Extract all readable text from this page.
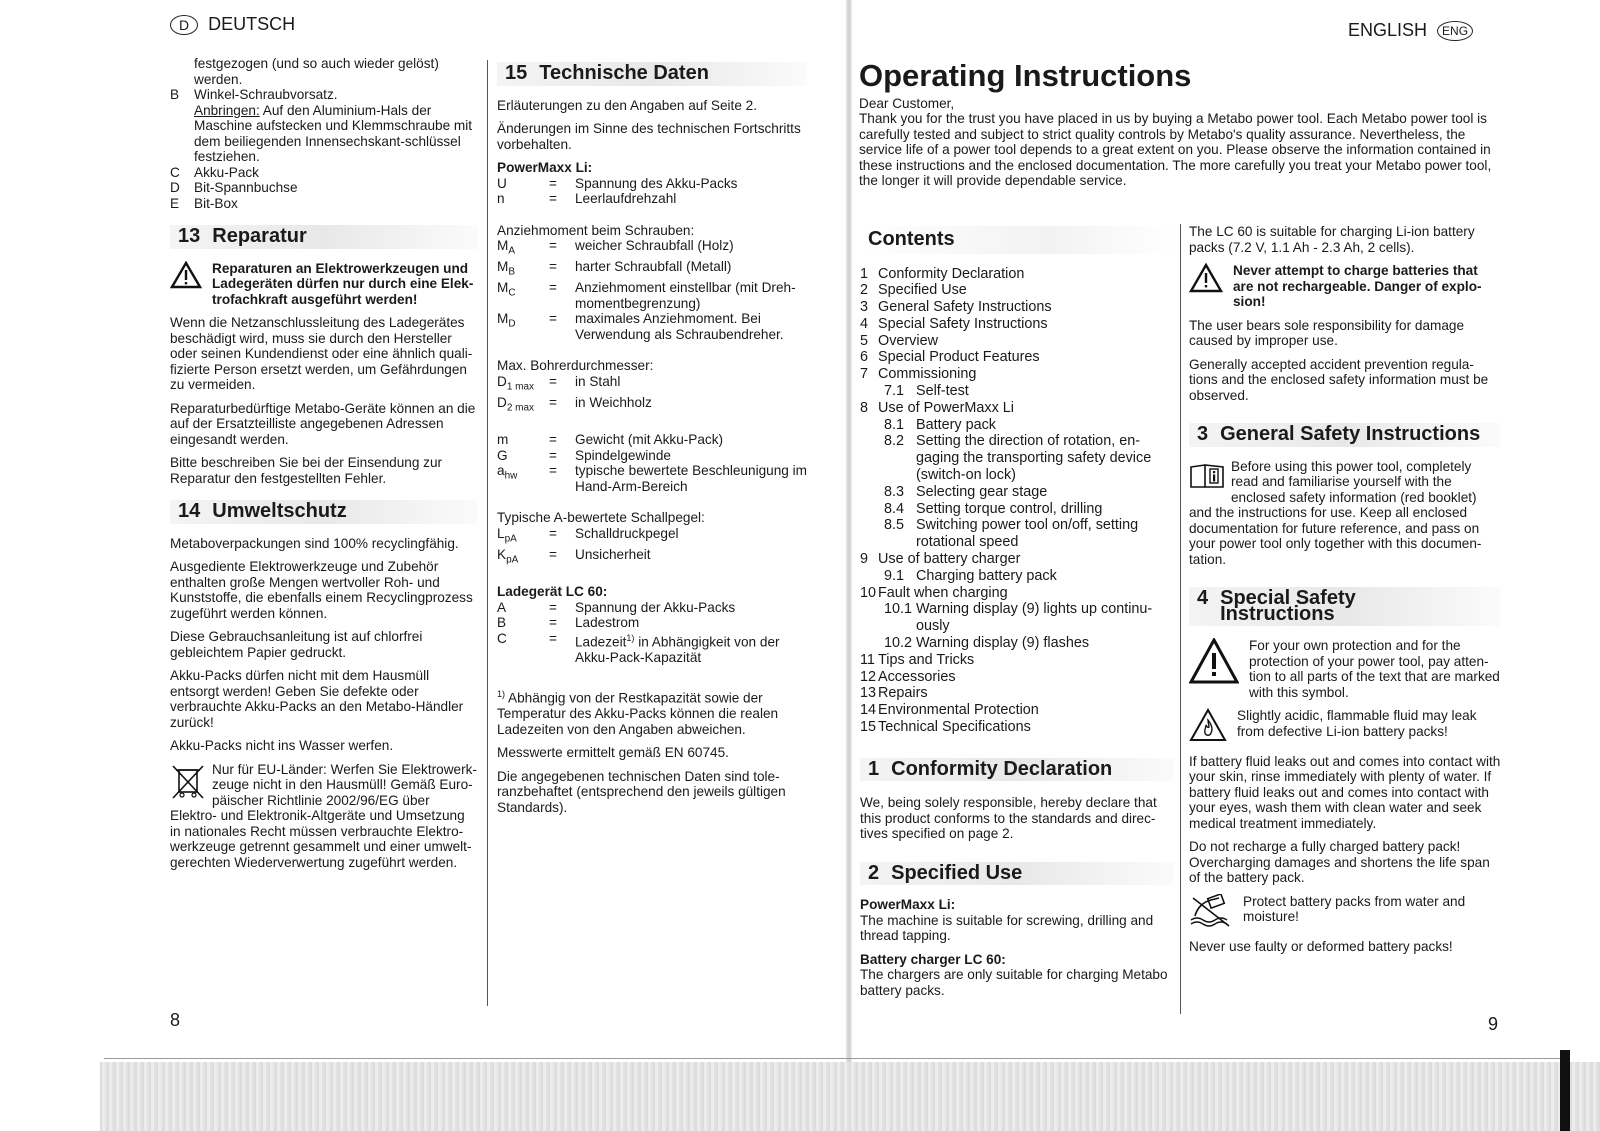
D	DEUTSCH
festgezogen (und so auch wieder gelöst) werden.
B	Winkel-Schraubvorsatz.
Anbringen: Auf den Aluminium-Hals der Maschine aufstecken und Klemmschraube mit dem beiliegenden Innensechskant-schlüssel festziehen.
C	Akku-Pack
D	Bit-Spannbuchse
E	Bit-Box
13 Reparatur
Reparaturen an Elektrowerkzeugen und Ladegeräten dürfen nur durch eine Elek-trofachkraft ausgeführt werden!

Wenn die Netzanschlussleitung des Ladegerätes beschädigt wird, muss sie durch den Hersteller oder seinen Kundendienst oder eine ähnlich quali-fizierte Person ersetzt werden, um Gefährdungen zu vermeiden.

Reparaturbedürftige Metabo-Geräte können an die auf der Ersatzteilliste angegebenen Adressen eingesandt werden.

Bitte beschreiben Sie bei der Einsendung zur Reparatur den festgestellten Fehler.

14 Umweltschutz

Metaboverpackungen sind 100% recyclingfähig.

Ausgediente Elektrowerkzeuge und Zubehör enthalten große Mengen wertvoller Roh- und Kunststoffe, die ebenfalls einem Recyclingprozess zugeführt werden können.

Diese Gebrauchsanleitung ist auf chlorfrei gebleichtem Papier gedruckt.

Akku-Packs dürfen nicht mit dem Hausmüll entsorgt werden! Geben Sie defekte oder verbrauchte Akku-Packs an den Metabo-Händler zurück!

Akku-Packs nicht ins Wasser werfen.

Nur für EU-Länder: Werfen Sie Elektrowerk-zeuge nicht in den Hausmüll! Gemäß Euro-päischer Richtlinie 2002/96/EG über Elektro- und Elektronik-Altgeräte und Umsetzung in nationales Recht müssen verbrauchte Elektro-werkzeuge getrennt gesammelt und einer umwelt-gerechten Wiederverwertung zugeführt werden.
15 Technische Daten

Erläuterungen zu den Angaben auf Seite 2.

Änderungen im Sinne des technischen Fortschritts vorbehalten.

PowerMaxx Li:
U	=	Spannung des Akku-Packs
n	=	Leerlaufdrehzahl
Anziehmoment beim Schrauben:
$M_A$	=	weicher Schraubfall (Holz)
$M_B$	=	harter Schraubfall (Metall)
$M_C$	=	Anziehmoment einstellbar (mit Dreh-momentbegrenzung)
$M_D$	=	maximales Anziehmoment. Bei Verwendung als Schraubendreher.
Max. Bohrerdurchmesser:
$D_{1 max}$	=	in Stahl
$D_{2 max}$	=	in Weichholz
m	=	Gewicht (mit Akku-Pack)
G	=	Spindelgewinde
$a_{hw}$	=	typische bewertete Beschleunigung im Hand-Arm-Bereich
Typische A-bewertete Schallpegel:
$L_{pA}$	=	Schalldruckpegel
$K_{pA}$	=	Unsicherheit
Ladegerät LC 60:
A	=	Spannung der Akku-Packs
B	=	Ladestrom
C	=	Ladezeit$^{1)}$ in Abhängigkeit von der Akku-Pack-Kapazität

$^{1)}$ Abhängig von der Restkapazität sowie der Temperatur des Akku-Packs können die realen Ladezeiten von den Angaben abweichen.

Messwerte ermittelt gemäß EN 60745.

Die angegebenen technischen Daten sind tole-ranzbehaftet (entsprechend den jeweils gültigen Standards).

8
ENGLISH	ENG
Operating Instructions
Dear Customer,
Thank you for the trust you have placed in us by buying a Metabo power tool. Each Metabo power tool is carefully tested and subject to strict quality controls by Metabo's quality assurance. Nevertheless, the service life of a power tool depends to a great extent on you. Please observe the information contained in these instructions and the enclosed documentation. The more carefully you treat your Metabo power tool, the longer it will provide dependable service.
Contents
1 Conformity Declaration
2 Specified Use
3 General Safety Instructions
4 Special Safety Instructions
5 Overview
6 Special Product Features
7 Commissioning
7.1 Self-test
8 Use of PowerMaxx Li
8.1 Battery pack
8.2 Setting the direction of rotation, en-gaging the transporting safety device (switch-on lock)
8.3 Selecting gear stage
8.4 Setting torque control, drilling
8.5 Switching power tool on/off, setting rotational speed
9 Use of battery charger
9.1 Charging battery pack
10 Fault when charging
10.1 Warning display (9) lights up continu-ously
10.2 Warning display (9) flashes
11 Tips and Tricks
12 Accessories
13 Repairs
14 Environmental Protection
15 Technical Specifications
1 Conformity Declaration

We, being solely responsible, hereby declare that this product conforms to the standards and direc-tives specified on page 2.

2 Specified Use
PowerMaxx Li:

The machine is suitable for screwing, drilling and thread tapping.

Battery charger LC 60:

The chargers are only suitable for charging Metabo battery packs.

The LC 60 is suitable for charging Li-ion battery packs (7.2 V, 1.1 Ah - 2.3 Ah, 2 cells).

Never attempt to charge batteries that are not rechargeable. Danger of explo-sion!

The user bears sole responsibility for damage caused by improper use.

Generally accepted accident prevention regula-tions and the enclosed safety information must be observed.

3 General Safety Instructions

Before using this power tool, completely read and familiarise yourself with the enclosed safety information (red booklet) and the instructions for use. Keep all enclosed documentation for future reference, and pass on your power tool only together with this documen-tation.

4 Special Safety
Instructions
For your own protection and for the protection of your power tool, pay atten-tion to all parts of the text that are marked with this symbol.
Slightly acidic, flammable fluid may leak from defective Li-ion battery packs!

If battery fluid leaks out and comes into contact with your skin, rinse immediately with plenty of water. If battery fluid leaks out and comes into contact with your eyes, wash them with clean water and seek medical treatment immediately.

Do not recharge a fully charged battery pack! Overcharging damages and shortens the life span of the battery pack.

Protect battery packs from water and moisture!

Never use faulty or deformed battery packs!

9
